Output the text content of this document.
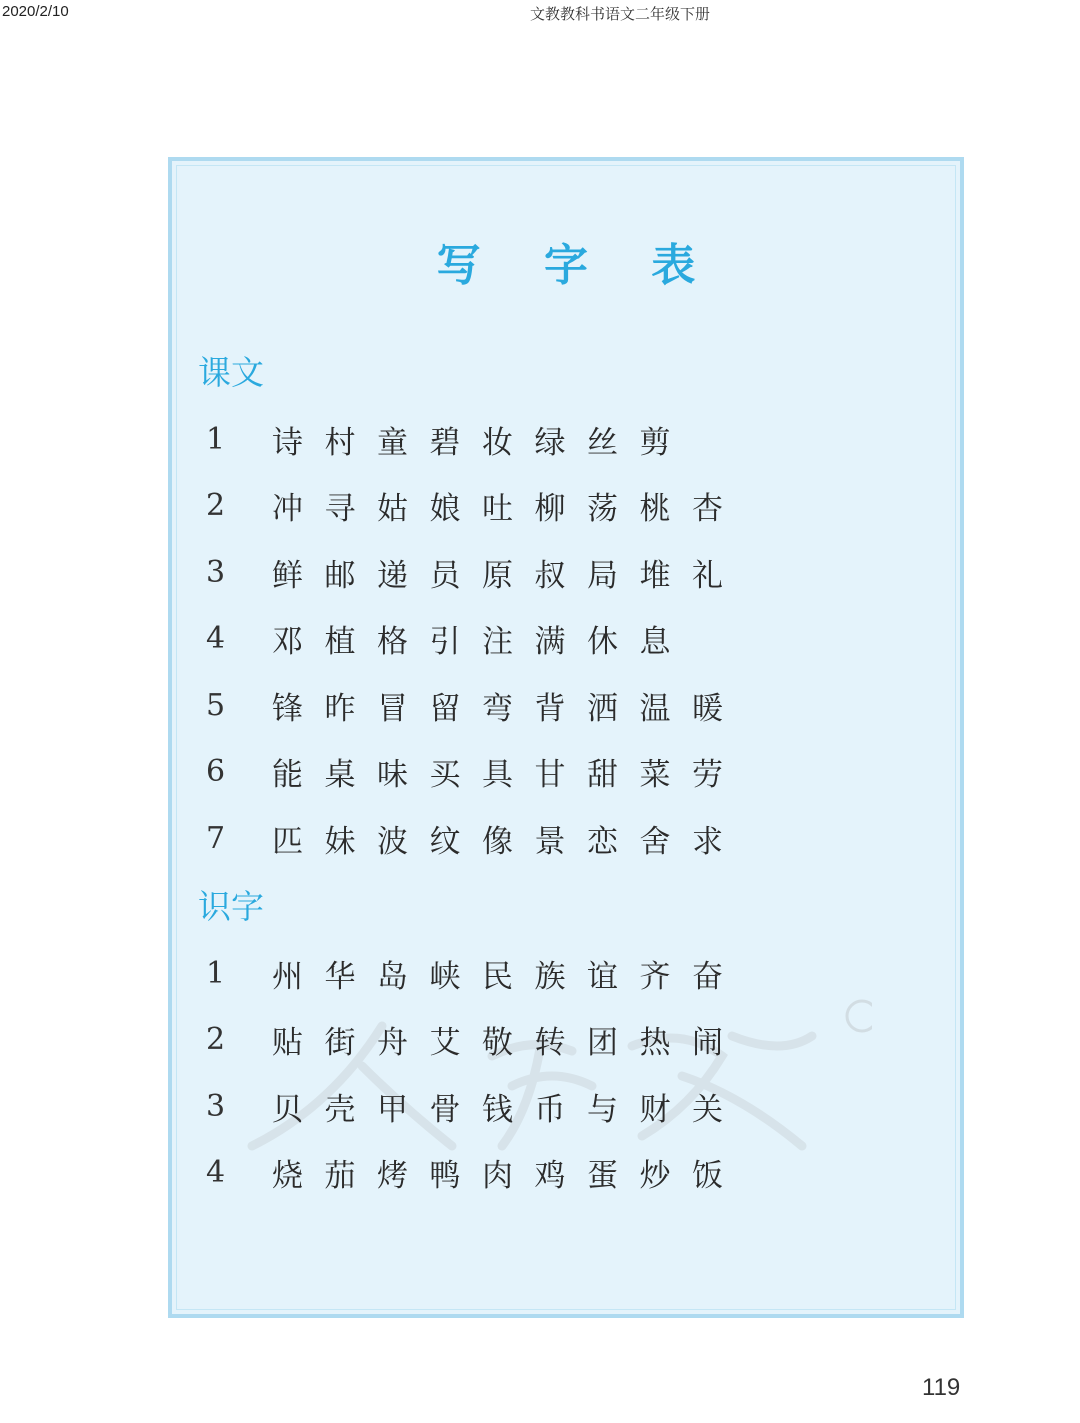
2020/2/10	文教教科书语文二年级下册
写 字 表
课文
1	诗 村 童 碧 妆 绿 丝 剪
2	冲 寻 姑 娘 吐 柳 荡 桃 杏
3	鲜 邮 递 员 原 叔 局 堆 礼
4	邓 植 格 引 注 满 休 息
5	锋 昨 冒 留 弯 背 洒 温 暖
6	能 桌 味 买 具 甘 甜 菜 劳
7	匹 妹 波 纹 像 景 恋 舍 求
识字
1	州 华 岛 峡 民 族 谊 齐 奋
2	贴 街 舟 艾 敬 转 团 热 闹
3	贝 壳 甲 骨 钱 币 与 财 关
4	烧 茄 烤 鸭 肉 鸡 蛋 炒 饭
119
